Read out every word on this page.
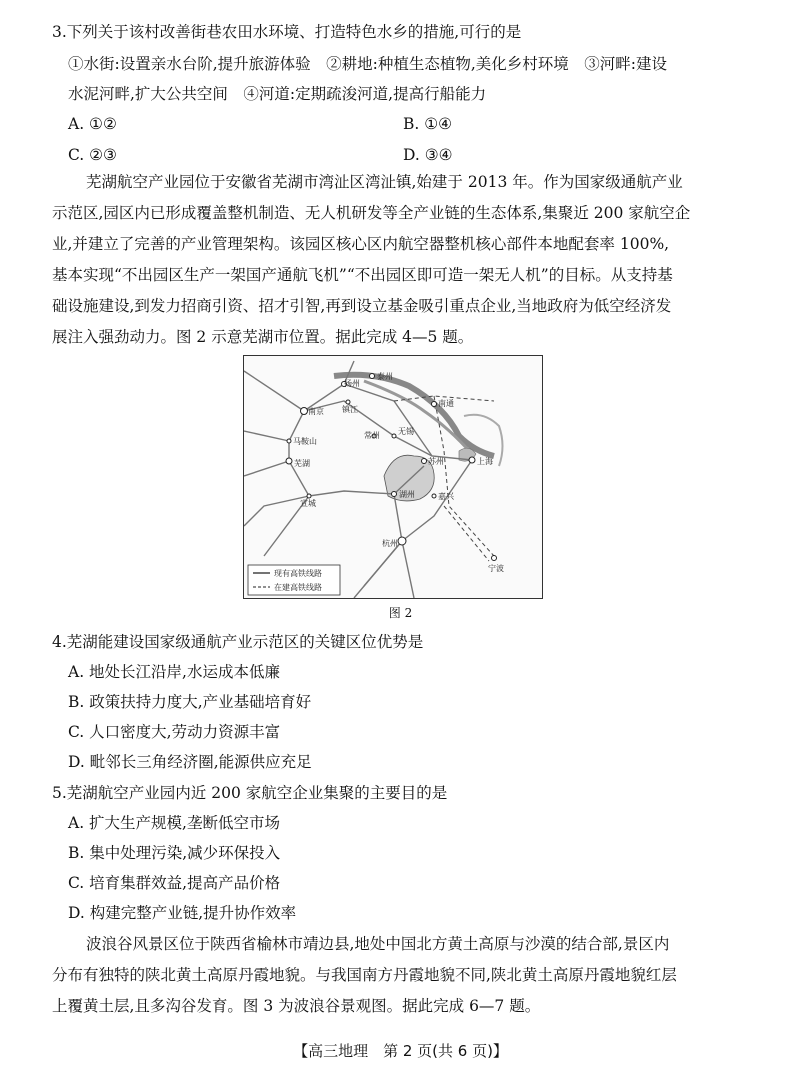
3.下列关于该村改善街巷农田水环境、打造特色水乡的措施,可行的是
①水街:设置亲水台阶,提升旅游体验　②耕地:种植生态植物,美化乡村环境　③河畔:建设
水泥河畔,扩大公共空间　④河道:定期疏浚河道,提高行船能力
A. ①②	B. ①④
C. ②③	D. ③④
芜湖航空产业园位于安徽省芜湖市湾沚区湾沚镇,始建于 2013 年。作为国家级通航产业
示范区,园区内已形成覆盖整机制造、无人机研发等全产业链的生态体系,集聚近 200 家航空企
业,并建立了完善的产业管理架构。该园区核心区内航空器整机核心部件本地配套率 100%,
基本实现“不出园区生产一架国产通航飞机”“不出园区即可造一架无人机”的目标。从支持基
础设施建设,到发力招商引资、招才引智,再到设立基金吸引重点企业,当地政府为低空经济发
展注入强劲动力。图 2 示意芜湖市位置。据此完成 4—5 题。
泰州
扬州
镇江
南京
南通
常州 无锡
马鞍山
芜湖	苏州	上海
宣城
湖州	嘉兴
杭州
宁波
现有高铁线路
在建高铁线路
图 2
4.芜湖能建设国家级通航产业示范区的关键区位优势是
A. 地处长江沿岸,水运成本低廉
B. 政策扶持力度大,产业基础培育好
C. 人口密度大,劳动力资源丰富
D. 毗邻长三角经济圈,能源供应充足
5.芜湖航空产业园内近 200 家航空企业集聚的主要目的是
A. 扩大生产规模,垄断低空市场
B. 集中处理污染,减少环保投入
C. 培育集群效益,提高产品价格
D. 构建完整产业链,提升协作效率
波浪谷风景区位于陕西省榆林市靖边县,地处中国北方黄土高原与沙漠的结合部,景区内
分布有独特的陕北黄土高原丹霞地貌。与我国南方丹霞地貌不同,陕北黄土高原丹霞地貌红层
上覆黄土层,且多沟谷发育。图 3 为波浪谷景观图。据此完成 6—7 题。
【高三地理　第 2 页(共 6 页)】
